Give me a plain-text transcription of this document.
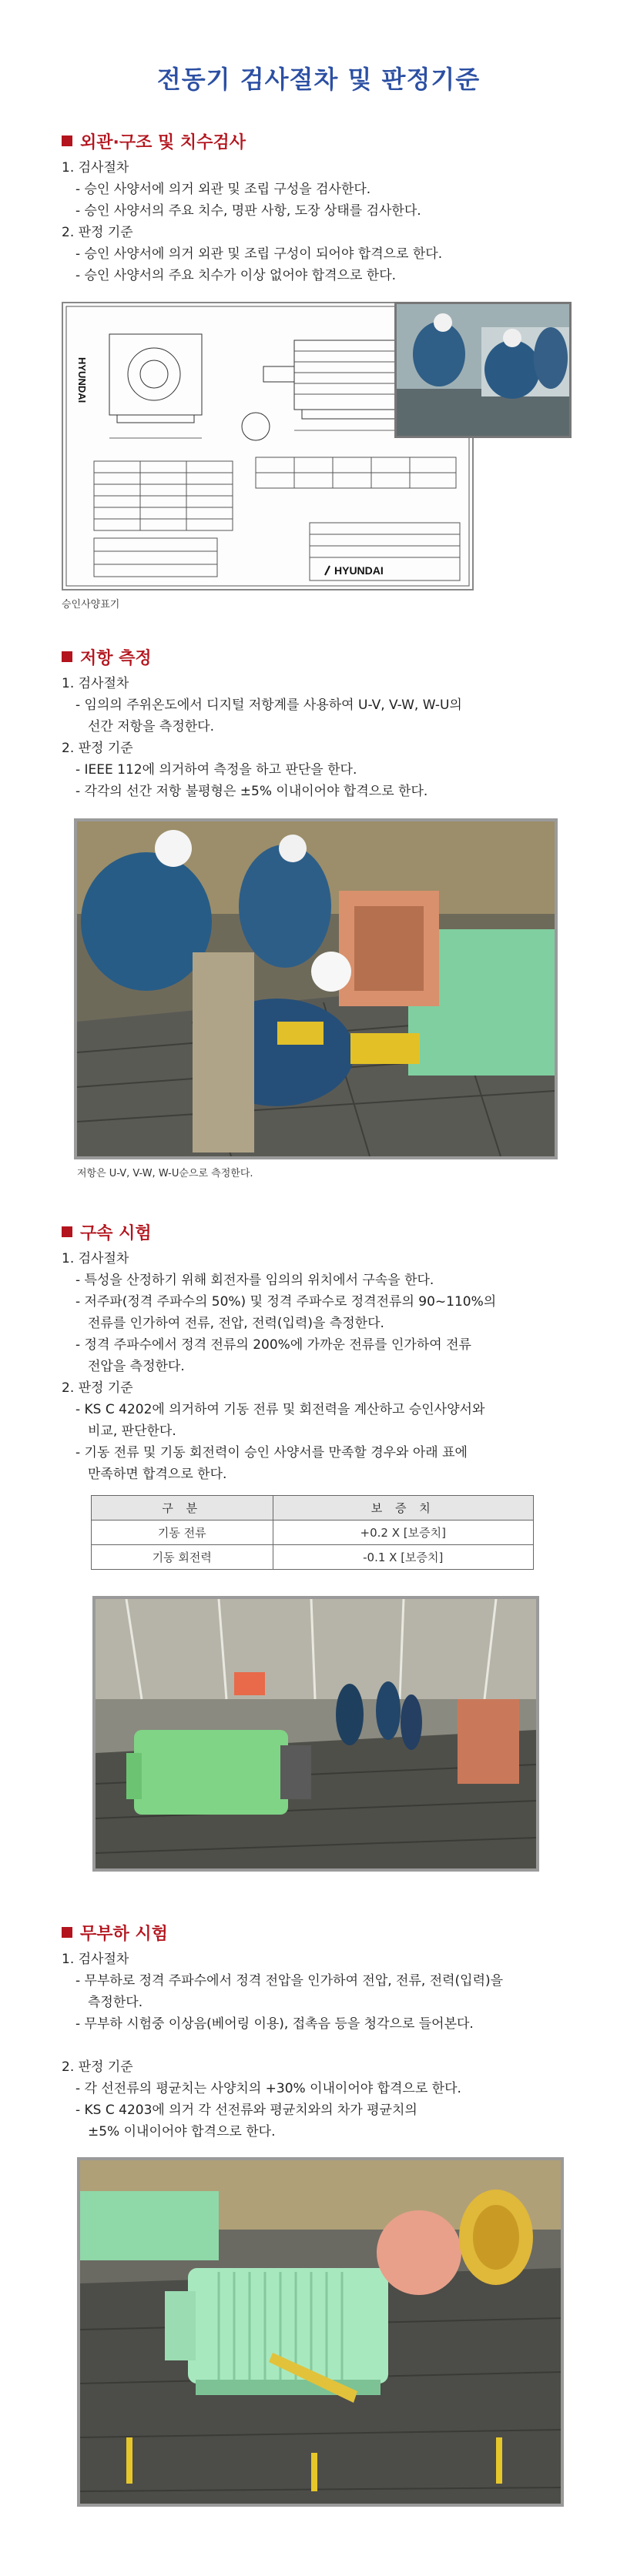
전동기 검사절차 및 판정기준
외관·구조 및 치수검사
1. 검사절차
- 승인 사양서에 의거 외관 및 조립 구성을 검사한다.
- 승인 사양서의 주요 치수, 명판 사항, 도장 상태를 검사한다.
2. 판정 기준
- 승인 사양서에 의거 외관 및 조립 구성이 되어야 합격으로 한다.
- 승인 사양서의 주요 치수가 이상 없어야 합격으로 한다.
HYUNDAI
HYUNDAI
승인사양표기
저항 측정
1. 검사절차
- 임의의 주위온도에서 디지털 저항계를 사용하여 U-V, V-W, W-U의
선간 저항을 측정한다.
2. 판정 기준
- IEEE 112에 의거하여 측정을 하고 판단을 한다.
- 각각의 선간 저항 불평형은 ±5% 이내이어야 합격으로 한다.
저항은 U-V, V-W, W-U순으로 측정한다.
구속 시험
1. 검사절차
- 특성을 산정하기 위해 회전자를 임의의 위치에서 구속을 한다.
- 저주파(정격 주파수의 50%) 및 정격 주파수로 정격전류의 90~110%의
전류를 인가하여 전류, 전압, 전력(입력)을 측정한다.
- 정격 주파수에서 정격 전류의 200%에 가까운 전류를 인가하여 전류
전압을 측정한다.
2. 판정 기준
- KS C 4202에 의거하여 기동 전류 및 회전력을 계산하고 승인사양서와
비교, 판단한다.
- 기동 전류 및 기동 회전력이 승인 사양서를 만족할 경우와 아래 표에
만족하면 합격으로 한다.
구 분	보 증 치
기동 전류	+0.2 X [보증치]
기동 회전력	-0.1 X [보증치]
무부하 시험
1. 검사절차
- 무부하로 정격 주파수에서 정격 전압을 인가하여 전압, 전류, 전력(입력)을
측정한다.
- 무부하 시험중 이상음(베어링 이용), 접촉음 등을 청각으로 들어본다.
2. 판정 기준
- 각 선전류의 평균치는 사양치의 +30% 이내이어야 합격으로 한다.
- KS C 4203에 의거 각 선전류와 평균치와의 차가 평균치의
±5% 이내이어야 합격으로 한다.
